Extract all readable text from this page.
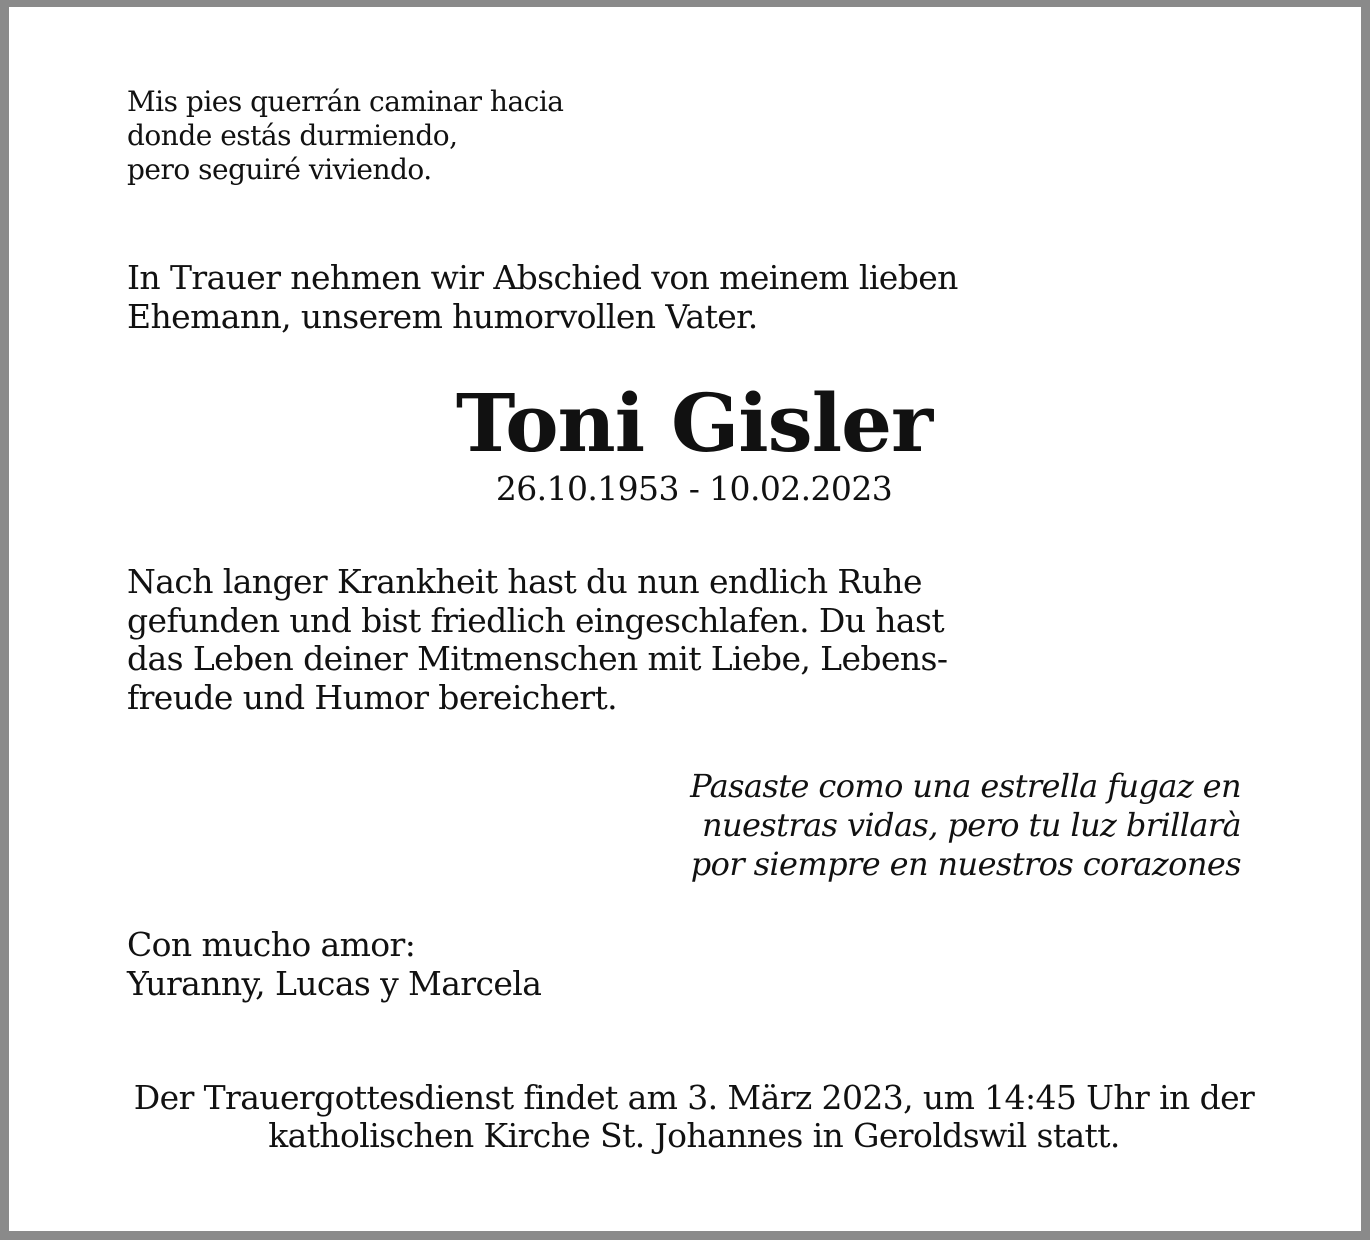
Mis pies querrán caminar hacia
donde estás durmiendo,
pero seguiré viviendo.
In Trauer nehmen wir Abschied von meinem lieben
Ehemann, unserem humorvollen Vater.
Toni Gisler
26.10.1953 - 10.02.2023
Nach langer Krankheit hast du nun endlich Ruhe
gefunden und bist friedlich eingeschlafen. Du hast
das Leben deiner Mitmenschen mit Liebe, Lebens-
freude und Humor bereichert.
Pasaste como una estrella fugaz en
nuestras vidas, pero tu luz brillarà
por siempre en nuestros corazones
Con mucho amor:
Yuranny, Lucas y Marcela
Der Trauergottesdienst findet am 3. März 2023, um 14:45 Uhr in der
katholischen Kirche St. Johannes in Geroldswil statt.
